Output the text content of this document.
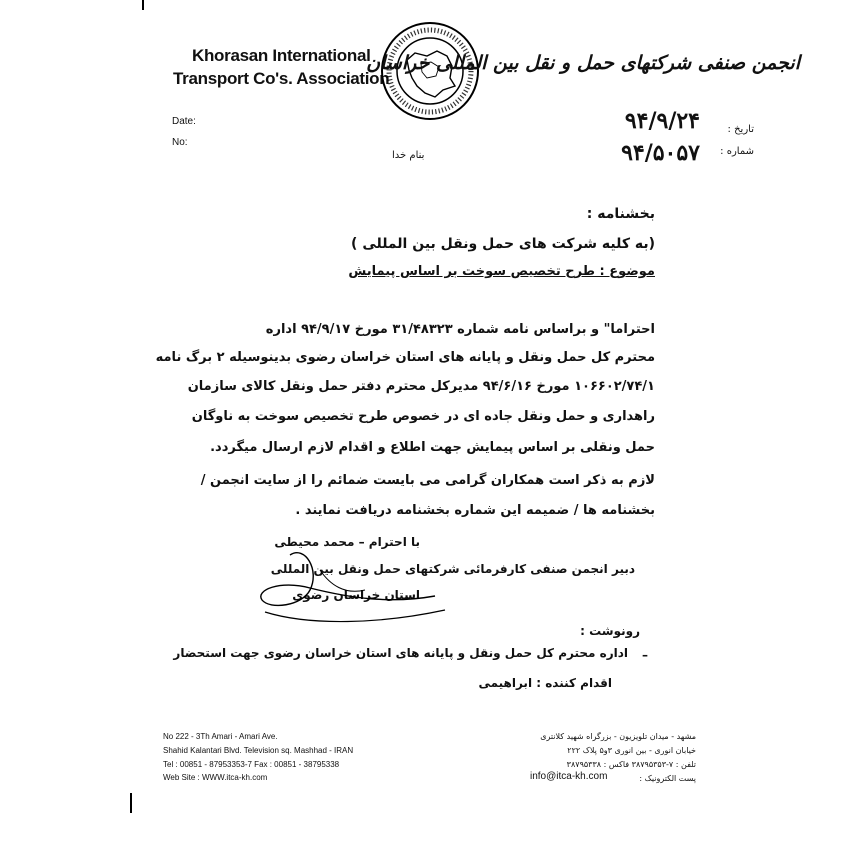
Khorasan International
Transport Co's. Association
انجمن صنفی شرکتهای حمل و نقل بین المللی خراسان
Date:
No:
تاریخ :
شماره :
۹۴/۹/۲۴
۹۴/۵۰۵۷
بنام خدا
بخشنامه :
(به کلیه شرکت های حمل ونقل بین المللی )
موضوع : طرح تخصیص سوخت بر اساس پیمایش
احتراما" و براساس نامه شماره ۳۱/۴۸۳۲۳ مورخ ۹۴/۹/۱۷ اداره
محترم کل حمل ونقل و پایانه های استان خراسان رضوی بدینوسیله ۲ برگ نامه
۱۰۶۶۰۲/۷۴/۱ مورخ ۹۴/۶/۱۶ مدیرکل محترم دفتر حمل ونقل کالای سازمان
راهداری و حمل ونقل جاده ای در خصوص طرح تخصیص سوخت به ناوگان
حمل ونقلی بر اساس پیمایش جهت اطلاع و اقدام لازم ارسال میگردد.
لازم به ذکر است همکاران گرامی می بایست ضمائم را از سایت انجمن /
بخشنامه ها / ضمیمه این شماره بخشنامه دریافت نمایند .
با احترام – محمد محیطی
دبیر انجمن صنفی کارفرمائی شرکتهای حمل ونقل بین المللی
استان خراسان رضوی
رونوشت :
–
اداره محترم کل حمل ونقل و پایانه های استان خراسان رضوی جهت استحضار
اقدام کننده : ابراهیمی
No 222 - 3Th Amari - Amari Ave.
Shahid Kalantari Blvd. Television sq. Mashhad - IRAN
Tel : 00851 - 87953353-7 Fax : 00851 - 38795338
Web Site : WWW.itca-kh.com
مشهد - میدان تلویزیون - بزرگراه شهید کلانتری
خیابان انوری - بین انوری ۳و۵ پلاک ۲۲۲
تلفن : ۷-۳۸۷۹۵۳۵۳ فاکس : ۳۸۷۹۵۳۳۸
پست الکترونیک :
info@itca-kh.com
